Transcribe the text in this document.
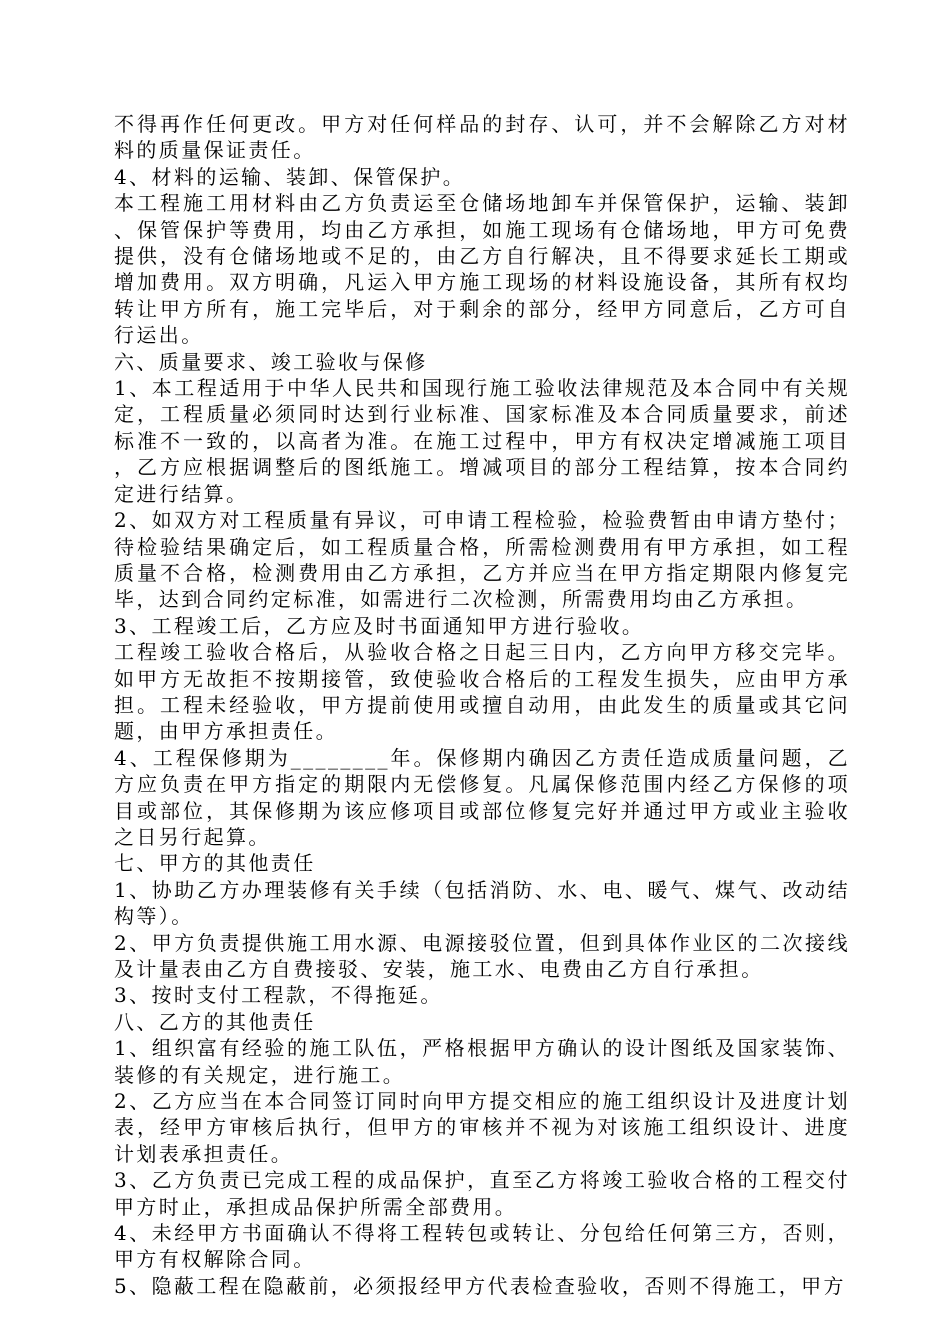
不得再作任何更改。甲方对任何样品的封存、认可，并不会解除乙方对材料的质量保证责任。

4、材料的运输、装卸、保管保护。

本工程施工用材料由乙方负责运至仓储场地卸车并保管保护，运输、装卸、保管保护等费用，均由乙方承担，如施工现场有仓储场地，甲方可免费提供，没有仓储场地或不足的，由乙方自行解决，且不得要求延长工期或增加费用。双方明确，凡运入甲方施工现场的材料设施设备，其所有权均转让甲方所有，施工完毕后，对于剩余的部分，经甲方同意后，乙方可自行运出。

六、质量要求、竣工验收与保修

1、本工程适用于中华人民共和国现行施工验收法律规范及本合同中有关规定，工程质量必须同时达到行业标准、国家标准及本合同质量要求，前述标准不一致的，以高者为准。在施工过程中，甲方有权决定增减施工项目，乙方应根据调整后的图纸施工。增减项目的部分工程结算，按本合同约定进行结算。

2、如双方对工程质量有异议，可申请工程检验，检验费暂由申请方垫付；待检验结果确定后，如工程质量合格，所需检测费用有甲方承担，如工程质量不合格，检测费用由乙方承担，乙方并应当在甲方指定期限内修复完毕，达到合同约定标准，如需进行二次检测，所需费用均由乙方承担。

3、工程竣工后，乙方应及时书面通知甲方进行验收。

工程竣工验收合格后，从验收合格之日起三日内，乙方向甲方移交完毕。如甲方无故拒不按期接管，致使验收合格后的工程发生损失，应由甲方承担。工程未经验收，甲方提前使用或擅自动用，由此发生的质量或其它问题，由甲方承担责任。

4、工程保修期为________年。保修期内确因乙方责任造成质量问题，乙方应负责在甲方指定的期限内无偿修复。凡属保修范围内经乙方保修的项目或部位，其保修期为该应修项目或部位修复完好并通过甲方或业主验收之日另行起算。

七、甲方的其他责任

1、协助乙方办理装修有关手续（包括消防、水、电、暖气、煤气、改动结构等）。

2、甲方负责提供施工用水源、电源接驳位置，但到具体作业区的二次接线及计量表由乙方自费接驳、安装，施工水、电费由乙方自行承担。

3、按时支付工程款，不得拖延。

八、乙方的其他责任

1、组织富有经验的施工队伍，严格根据甲方确认的设计图纸及国家装饰、装修的有关规定，进行施工。

2、乙方应当在本合同签订同时向甲方提交相应的施工组织设计及进度计划表，经甲方审核后执行，但甲方的审核并不视为对该施工组织设计、进度计划表承担责任。

3、乙方负责已完成工程的成品保护，直至乙方将竣工验收合格的工程交付甲方时止，承担成品保护所需全部费用。

4、未经甲方书面确认不得将工程转包或转让、分包给任何第三方，否则，甲方有权解除合同。

5、隐蔽工程在隐蔽前，必须报经甲方代表检查验收，否则不得施工，甲方
